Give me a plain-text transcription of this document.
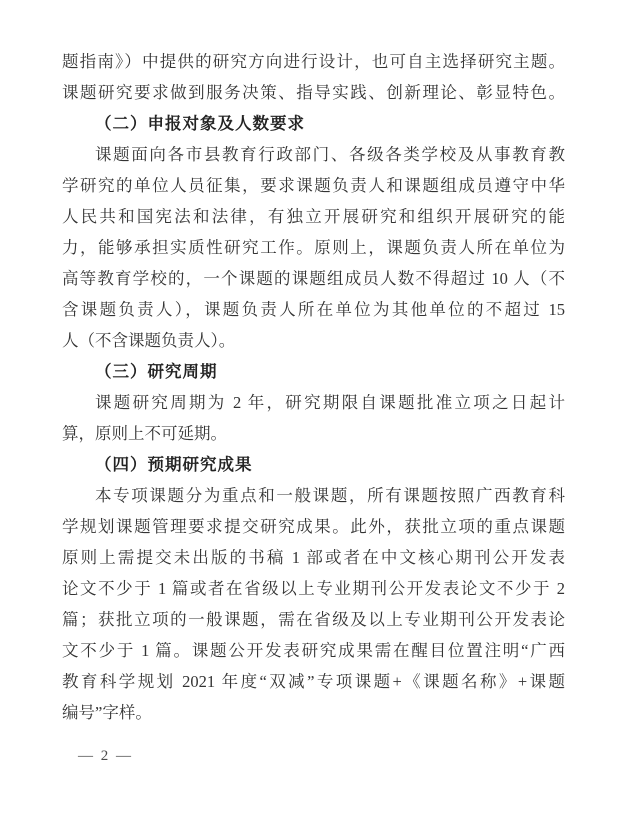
题指南》）中提供的研究方向进行设计，也可自主选择研究主题。
课题研究要求做到服务决策、指导实践、创新理论、彰显特色。
（二）申报对象及人数要求
课题面向各市县教育行政部门、各级各类学校及从事教育教
学研究的单位人员征集，要求课题负责人和课题组成员遵守中华
人民共和国宪法和法律，有独立开展研究和组织开展研究的能
力，能够承担实质性研究工作。原则上，课题负责人所在单位为
高等教育学校的，一个课题的课题组成员人数不得超过 10 人（不
含课题负责人），课题负责人所在单位为其他单位的不超过 15
人（不含课题负责人）。
（三）研究周期
课题研究周期为 2 年，研究期限自课题批准立项之日起计
算，原则上不可延期。
（四）预期研究成果
本专项课题分为重点和一般课题，所有课题按照广西教育科
学规划课题管理要求提交研究成果。此外，获批立项的重点课题
原则上需提交未出版的书稿 1 部或者在中文核心期刊公开发表
论文不少于 1 篇或者在省级以上专业期刊公开发表论文不少于 2
篇；获批立项的一般课题，需在省级及以上专业期刊公开发表论
文不少于 1 篇。课题公开发表研究成果需在醒目位置注明“广西
教育科学规划 2021 年度“双减”专项课题+《课题名称》+课题
编号”字样。
— 2 —
